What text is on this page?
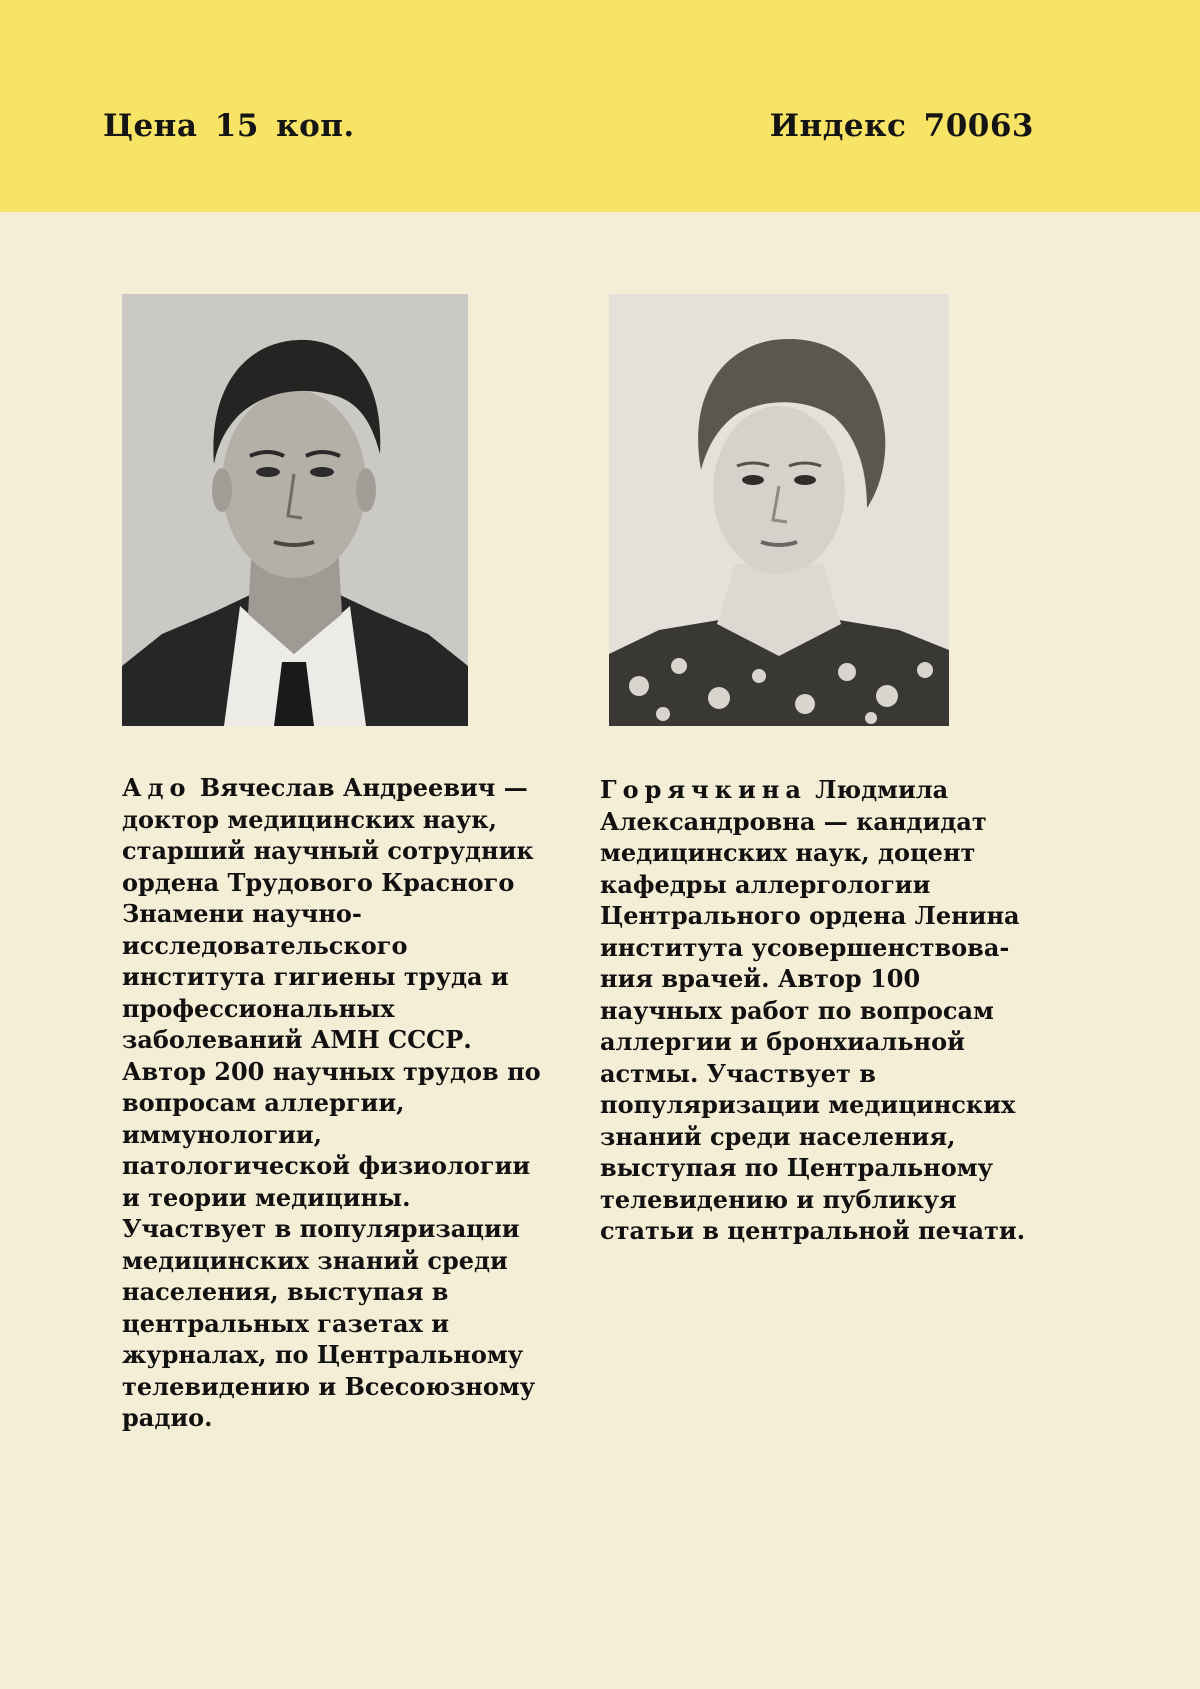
Цена 15 коп.	Индекс 70063

Адо Вячеслав Андреевич —
доктор медицинских наук,
старший научный сотрудник
ордена Трудового Красного
Знамени научно-
исследовательского
института гигиены труда и
профессиональных
заболеваний АМН СССР.
Автор 200 научных трудов по
вопросам аллергии,
иммунологии,
патологической физиологии
и теории медицины.
Участвует в популяризации
медицинских знаний среди
населения, выступая в
центральных газетах и
журналах, по Центральному
телевидению и Всесоюзному
радио.

Горячкина Людмила
Александровна — кандидат
медицинских наук, доцент
кафедры аллергологии
Центрального ордена Ленина
института усовершенствова-
ния врачей. Автор 100
научных работ по вопросам
аллергии и бронхиальной
астмы. Участвует в
популяризации медицинских
знаний среди населения,
выступая по Центральному
телевидению и публикуя
статьи в центральной печати.
